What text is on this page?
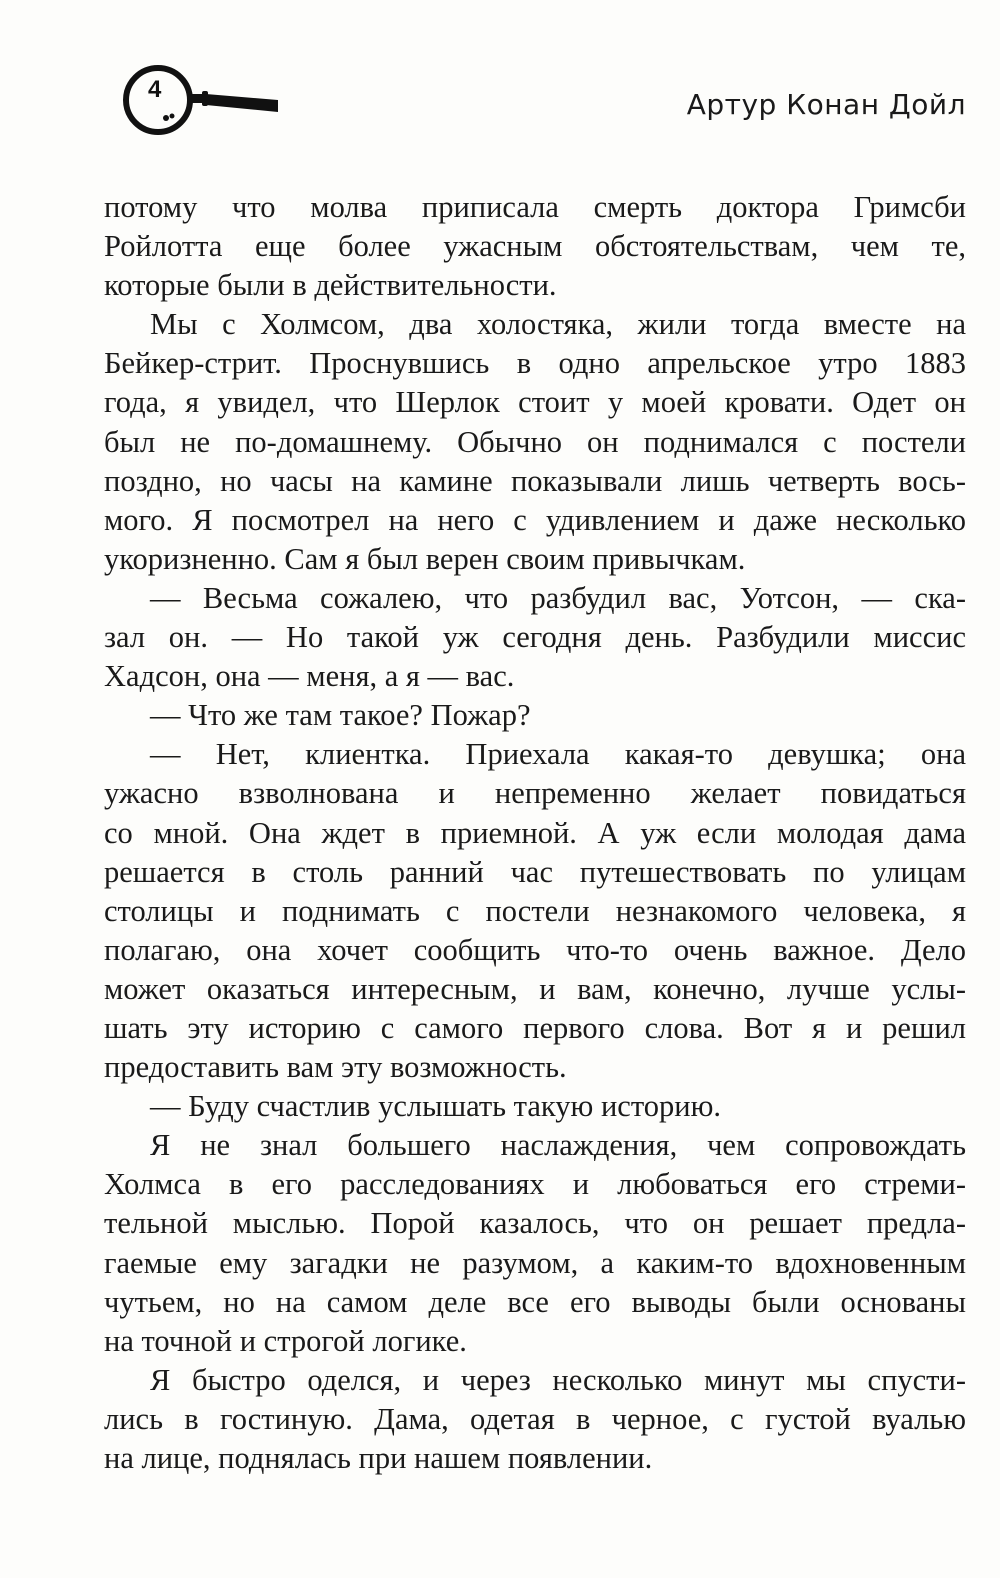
4	Артур Конан Дойл
потому что молва приписала смерть доктора Гримсби
Ройлотта еще более ужасным обстоятельствам, чем те,
которые были в действительности.
Мы с Холмсом, два холостяка, жили тогда вместе на
Бейкер-стрит. Проснувшись в одно апрельское утро 1883
года, я увидел, что Шерлок стоит у моей кровати. Одет он
был не по-домашнему. Обычно он поднимался с постели
поздно, но часы на камине показывали лишь четверть вось-
мого. Я посмотрел на него с удивлением и даже несколько
укоризненно. Сам я был верен своим привычкам.
— Весьма сожалею, что разбудил вас, Уотсон, — ска-
зал он. — Но такой уж сегодня день. Разбудили миссис
Хадсон, она — меня, а я — вас.
— Что же там такое? Пожар?
— Нет, клиентка. Приехала какая-то девушка; она
ужасно взволнована и непременно желает повидаться
со мной. Она ждет в приемной. А уж если молодая дама
решается в столь ранний час путешествовать по улицам
столицы и поднимать с постели незнакомого человека, я
полагаю, она хочет сообщить что-то очень важное. Дело
может оказаться интересным, и вам, конечно, лучше услы-
шать эту историю с самого первого слова. Вот я и решил
предоставить вам эту возможность.
— Буду счастлив услышать такую историю.
Я не знал большего наслаждения, чем сопровождать
Холмса в его расследованиях и любоваться его стреми-
тельной мыслью. Порой казалось, что он решает предла-
гаемые ему загадки не разумом, а каким-то вдохновенным
чутьем, но на самом деле все его выводы были основаны
на точной и строгой логике.
Я быстро оделся, и через несколько минут мы спусти-
лись в гостиную. Дама, одетая в черное, с густой вуалью
на лице, поднялась при нашем появлении.
